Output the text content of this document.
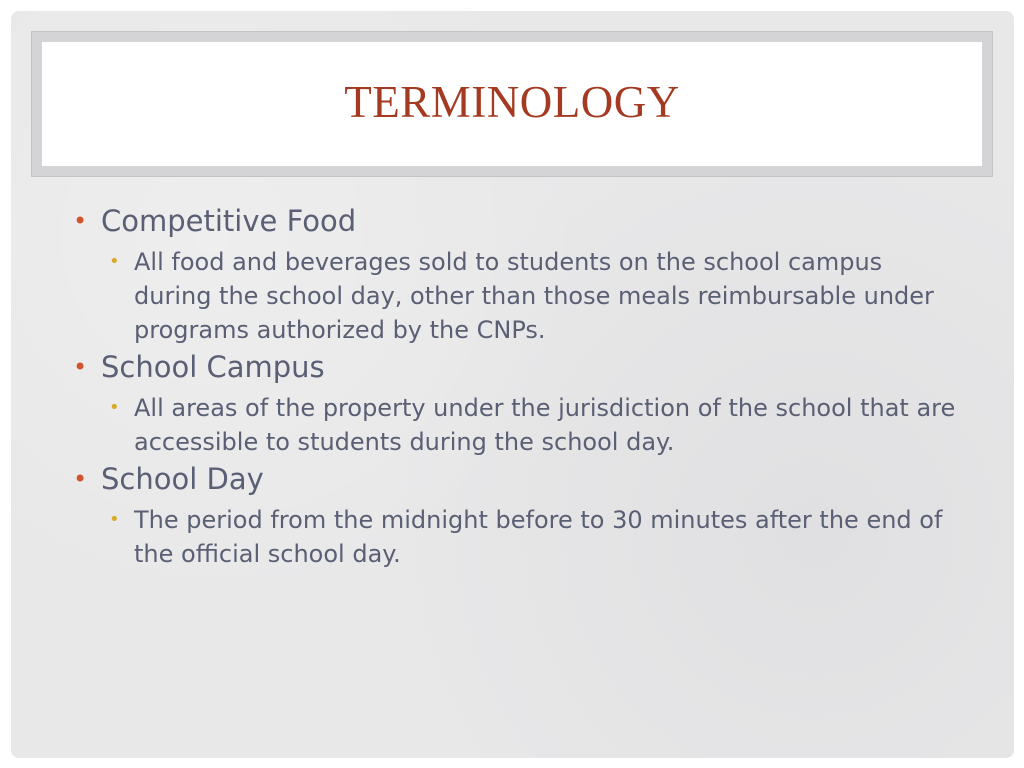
TERMINOLOGY
• Competitive Food
• All food and beverages sold to students on the school campus during the school day, other than those meals reimbursable under programs authorized by the CNPs.
• School Campus
• All areas of the property under the jurisdiction of the school that are accessible to students during the school day.
• School Day
• The period from the midnight before to 30 minutes after the end of the official school day.
